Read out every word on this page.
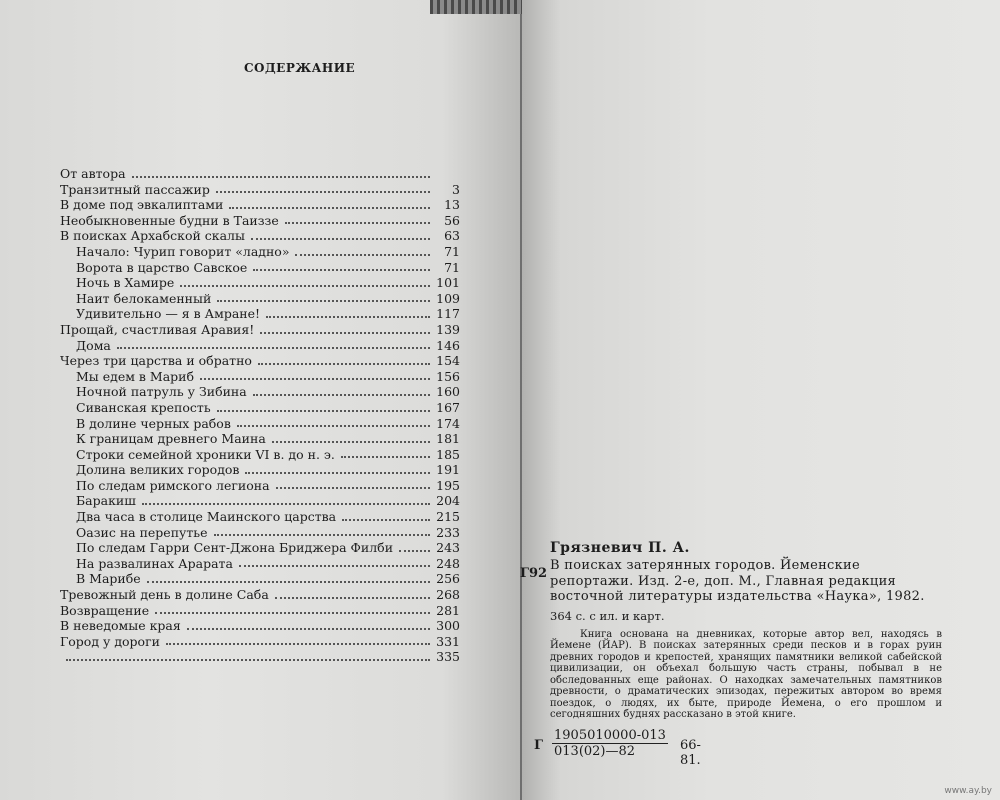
СОДЕРЖАНИЕ
От автора
Транзитный пассажир	3
В доме под эвкалиптами	13
Необыкновенные будни в Таиззе	56
В поисках Архабской скалы	63
Начало: Чурип говорит «ладно»	71
Ворота в царство Савское	71
Ночь в Хамире	101
Наит белокаменный	109
Удивительно — я в Амране!	117
Прощай, счастливая Аравия!	139
Дома	146
Через три царства и обратно	154
Мы едем в Мариб	156
Ночной патруль у Зибина	160
Сиванская крепость	167
В долине черных рабов	174
К границам древнего Маина	181
Строки семейной хроники VI в. до н. э.	185
Долина великих городов	191
По следам римского легиона	195
Баракиш	204
Два часа в столице Маинского царства	215
Оазис на перепутье	233
По следам Гарри Сент-Джона Бриджера Филби	243
На развалинах Арарата	248
В Марибе	256
Тревожный день в долине Саба	268
Возвращение	281
В неведомые края	300
Город у дороги	331
335
Грязневич П. А.
Г92
В поисках затерянных городов. Йеменские
репортажи. Изд. 2-е, доп. М., Главная редакция
восточной литературы издательства «Наука», 1982.
364 с. с ил. и карт.
Книга основана на дневниках, которые автор вел, находясь в Йемене (ЙАР). В поисках затерянных среди песков и в горах руин древних городов и крепостей, хранящих памятники великой сабейской цивилизации, он объехал большую часть страны, побывал в не обследованных еще районах. О находках замечательных памятников древности, о драматических эпизодах, пережитых автором во время поездок, о людях, их быте, природе Йемена, о его прошлом и сегодняшних буднях рассказано в этой книге.
Г $\frac{1905010000-013}{013(02)—82} 66-81$.
www.ay.by
